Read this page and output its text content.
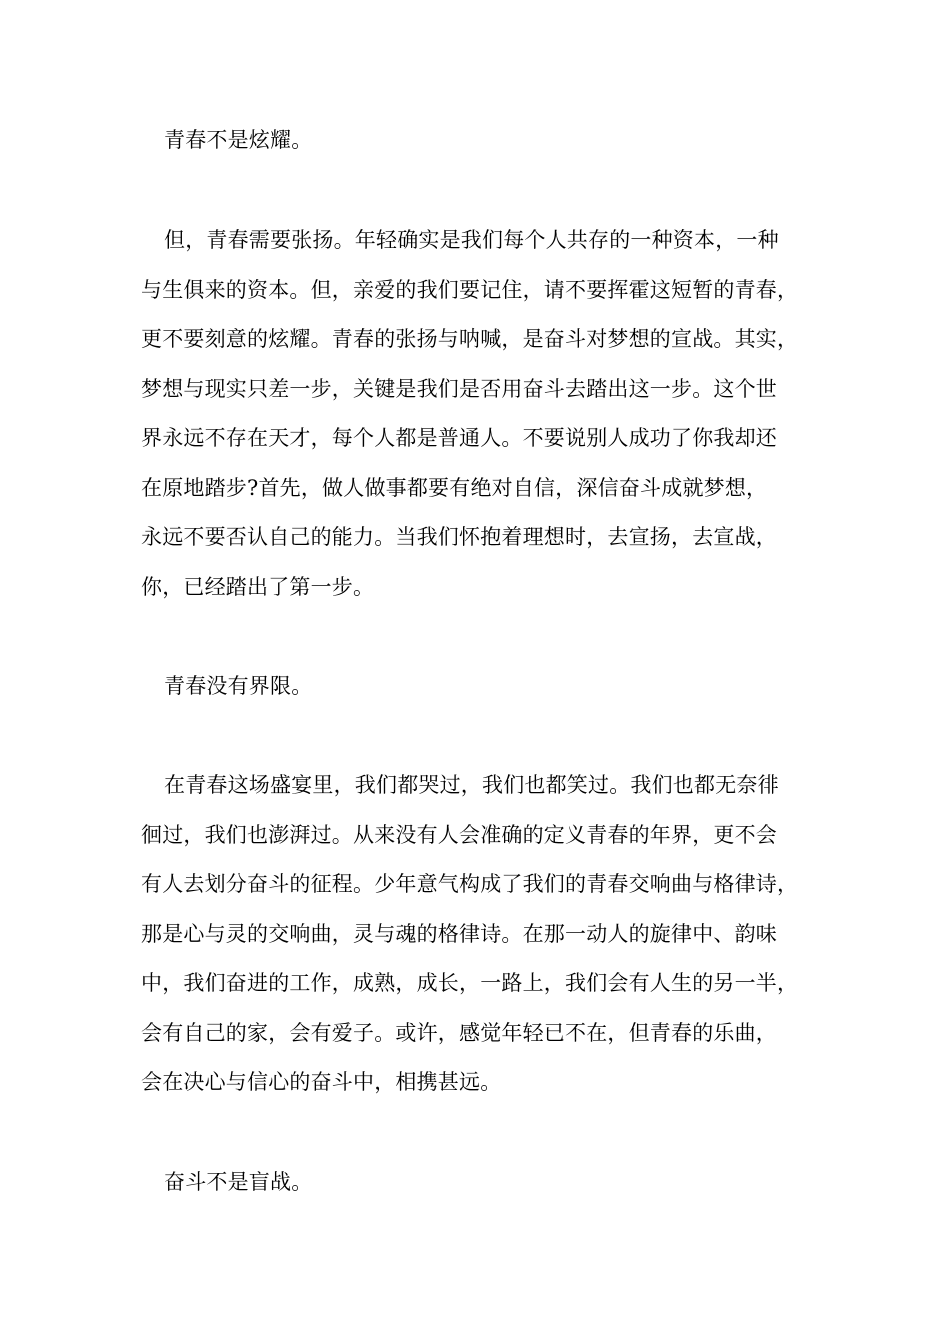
青春不是炫耀。
但，青春需要张扬。年轻确实是我们每个人共存的一种资本，一种
与生俱来的资本。但，亲爱的我们要记住，请不要挥霍这短暂的青春，
更不要刻意的炫耀。青春的张扬与呐喊，是奋斗对梦想的宣战。其实，
梦想与现实只差一步，关键是我们是否用奋斗去踏出这一步。这个世
界永远不存在天才，每个人都是普通人。不要说别人成功了你我却还
在原地踏步?首先，做人做事都要有绝对自信，深信奋斗成就梦想，
永远不要否认自己的能力。当我们怀抱着理想时，去宣扬，去宣战，
你，已经踏出了第一步。
青春没有界限。
在青春这场盛宴里，我们都哭过，我们也都笑过。我们也都无奈徘
徊过，我们也澎湃过。从来没有人会准确的定义青春的年界，更不会
有人去划分奋斗的征程。少年意气构成了我们的青春交响曲与格律诗，
那是心与灵的交响曲，灵与魂的格律诗。在那一动人的旋律中、韵味
中，我们奋进的工作，成熟，成长，一路上，我们会有人生的另一半，
会有自己的家，会有爱子。或许，感觉年轻已不在，但青春的乐曲，
会在决心与信心的奋斗中，相携甚远。
奋斗不是盲战。
